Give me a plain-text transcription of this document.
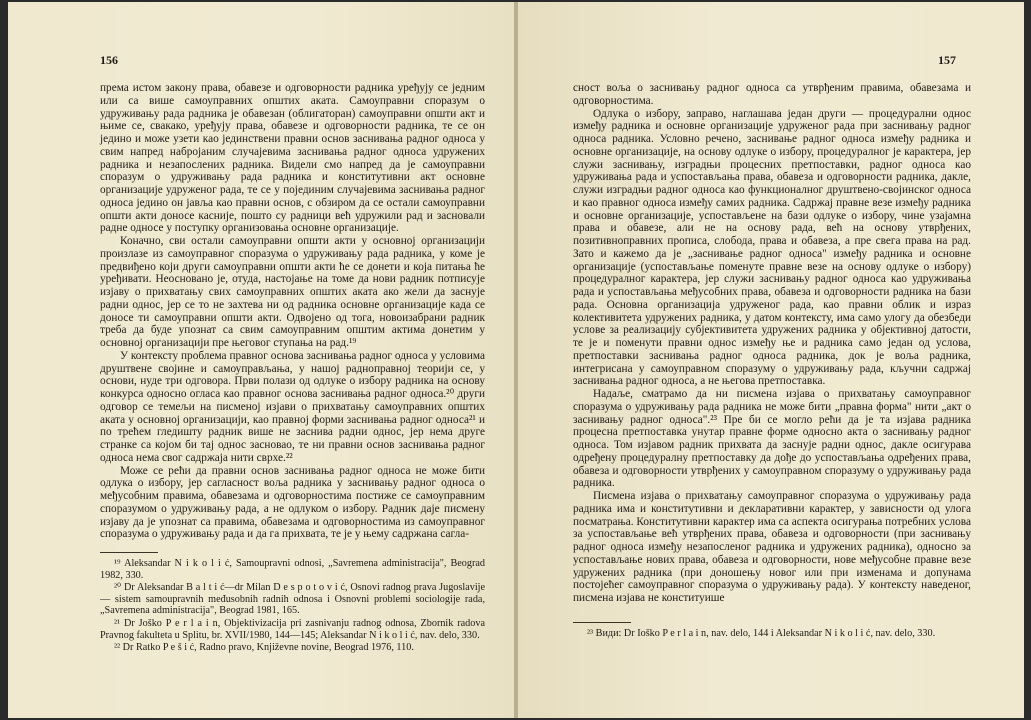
156

према истом закону права, обавезе и одговорности радника уређују се једним или са више самоуправних општих аката. Самоуправни споразум о удруживању рада радника је обавезан (облигаторан) самоуправни општи акт и њиме се, свакако, уређују права, обавезе и одговорности радника, те се он једино и може узети као јединствени правни основ заснивања радног односа у свим напред набројаним случајевима заснивања радног односа удружених радника и незапослених радника. Видели смо напред да је самоуправни споразум о удруживању рада радника и конститутивни акт основне организације удруженог рада, те се у појединим случајевима заснивања радног односа једино он јавља као правни основ, с обзиром да се остали самоуправни општи акти доносе касније, пошто су радници већ удружили рад и засновали радне односе у поступку организовања основне организације.

Коначно, сви остали самоуправни општи акти у основној организацији произлазе из самоуправног споразума о удруживању рада радника, у коме је предвиђено који други самоуправни општи акти ће се донети и која питања ће уређивати. Неосновано је, отуда, настојање на томе да нови радник потписује изјаву о прихватању свих самоуправних општих аката ако жели да заснује радни однос, јер се то не захтева ни од радника основне организације када се доносе ти самоуправни општи акти. Одвојено од тога, новоизабрани радник треба да буде упознат са свим самоуправним општим актима донетим у основној организацији пре његовог ступања на рад.¹⁹

У контексту проблема правног основа заснивања радног односа у условима друштвене својине и самоуправљања, у нашој радноправној теорији се, у основи, нуде три одговора. Први полази од одлуке о избору радника на основу конкурса односно огласа као правног основа заснивања радног односа.²⁰ други одговор се темељи на писменој изјави о прихватању самоуправних општих аката у основној организацији, као правној форми заснивања радног односа²¹ и по трећем гледишту радник више не заснива радни однос, јер нема друге странке са којом би тај однос засновао, те ни правни основ заснивања радног односа нема свог садржаја нити сврхе.²²

Може се рећи да правни основ заснивања радног односа не може бити одлука о избору, јер сагласност воља радника у заснивању радног односа о међусобним правима, обавезама и одговорностима постиже се самоуправним споразумом о удруживању рада, а не одлуком о избору. Радник даје писмену изјаву да је упознат са правима, обавезама и одговорностима из самоуправног споразума о удруживању рада и да га прихвата, те је у њему садржана сагла-

¹⁹ Aleksandar N i k o l i ć, Samoupravni odnosi, „Savremena administracija", Beograd 1982, 330.

²⁰ Dr Aleksandar B a l t i ć—dr Milan D e s p o t o v i ć, Osnovi radnog prava Jugoslavije — sistem samoupravnih međusobnih radnih odnosa i Osnovni problemi sociologije rada, „Savremena administracija", Beograd 1981, 165.

²¹ Dr Joško P e r l a i n, Objektivizacija pri zasnivanju radnog odnosa, Zbornik radova Pravnog fakulteta u Splitu, br. XVII/1980, 144—145; Aleksandar N i k o l i ć, nav. delo, 330.

²² Dr Ratko P e š i ć, Radno pravo, Književne novine, Beograd 1976, 110.

157

сност воља о заснивању радног односа са утврђеним правима, обавезама и одговорностима.

Одлука о избору, заправо, наглашава један други — процедурални однос између радника и основне организације удруженог рада при заснивању радног односа радника. Условно речено, заснивање радног односа између радника и основне организације, на основу одлуке о избору, процедуралног је карактера, јер служи заснивању, изградњи процесних претпоставки, радног односа као удруживања рада и успостављања права, обавеза и одговорности радника, дакле, служи изградњи радног односа као функционалног друштвено-својинског односа и као правног односа између самих радника. Садржај правне везе између радника и основне организације, успостављене на бази одлуке о избору, чине узајамна права и обавезе, али не на основу рада, већ на основу утврђених, позитивноправних прописа, слобода, права и обавеза, а пре свега права на рад. Зато и кажемо да је „заснивање радног односа" између радника и основне организације (успостављање поменуте правне везе на основу одлуке о избору) процедуралног карактера, јер служи заснивању радног односа као удруживања рада и успостављања међусобних права, обавеза и одговорности радника на бази рада. Основна организација удруженог рада, као правни облик и израз колективитета удружених радника, у датом контексту, има само улогу да обезбеди услове за реализацију субјективитета удружених радника у објективној датости, те је и поменути правни однос између ње и радника само један од услова, претпоставки заснивања радног односа радника, док је воља радника, интегрисана у самоуправном споразуму о удруживању рада, кључни садржај заснивања радног односа, а не његова претпоставка.

Надаље, сматрамо да ни писмена изјава о прихватању самоуправног споразума о удруживању рада радника не може бити „правна форма" нити „акт о заснивању радног односа".²³ Пре би се могло рећи да је та изјава радника процесна претпоставка унутар правне форме односно акта о заснивању радног односа. Том изјавом радник прихвата да заснује радни однос, дакле осигурава одређену процедуралну претпоставку да дође до успостављања одређених права, обавеза и одговорности утврђених у самоуправном споразуму о удруживању рада радника.

Писмена изјава о прихватању самоуправног споразума о удруживању рада радника има и конститутивни и декларативни карактер, у зависности од улога посматрања. Конститутивни карактер има са аспекта осигурања потребних услова за успостављање већ утврђених права, обавеза и одговорности (при заснивању радног односа између незапосленог радника и удружених радника), односно за успостављање нових права, обавеза и одговорности, нове међусобне правне везе удружених радника (при доношењу новог или при изменама и допунама постојећег самоуправног споразума о удруживању рада). У контексту наведеног, писмена изјава не конституише

²³ Види: Dr Ioško P e r l a i n, nav. delo, 144 i Aleksandar N i k o l i ć, nav. delo, 330.
